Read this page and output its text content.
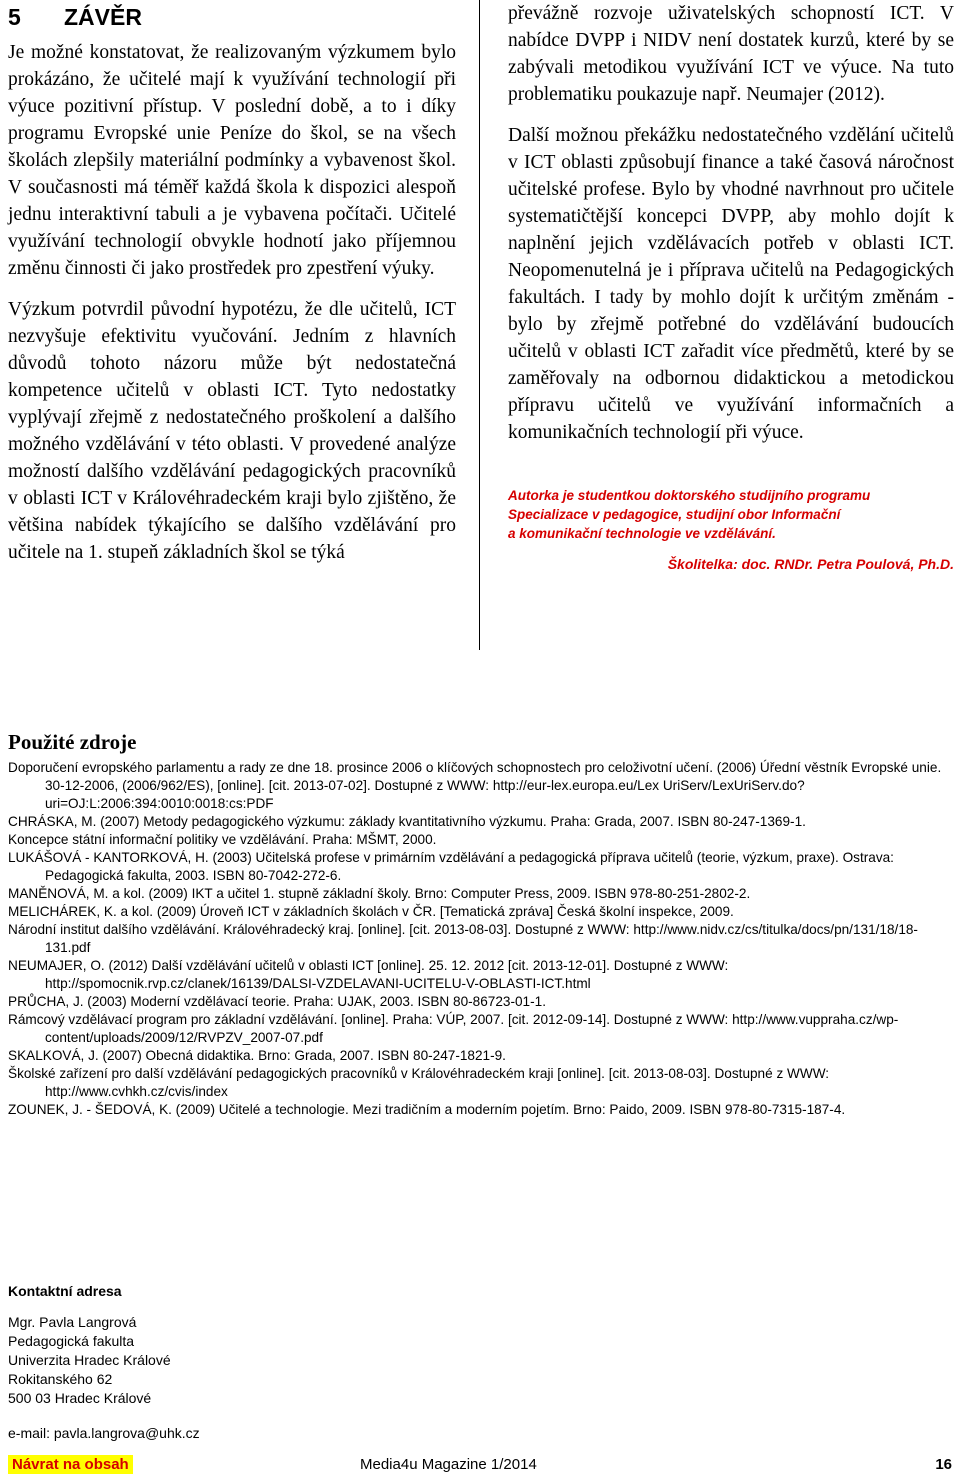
5	ZÁVĚR

Je možné konstatovat, že realizovaným výzkumem bylo prokázáno, že učitelé mají k využívání technologií při výuce pozitivní přístup. V poslední době, a to i díky programu Evropské unie Peníze do škol, se na všech školách zlepšily materiální podmínky a vybavenost škol. V současnosti má téměř každá škola k dispozici alespoň jednu interaktivní tabuli a je vybavena počítači. Učitelé využívání technologií obvykle hodnotí jako příjemnou změnu činnosti či jako prostředek pro zpestření výuky.

Výzkum potvrdil původní hypotézu, že dle učitelů, ICT nezvyšuje efektivitu vyučování. Jedním z hlavních důvodů tohoto názoru může být nedostatečná kompetence učitelů v oblasti ICT. Tyto nedostatky vyplývají zřejmě z nedostatečného proškolení a dalšího možného vzdělávání v této oblasti. V provedené analýze možností dalšího vzdělávání pedagogických pracovníků v oblasti ICT v Královéhradeckém kraji bylo zjištěno, že většina nabídek týkajícího se dalšího vzdělávání pro učitele na 1. stupeň základních škol se týká

převážně rozvoje uživatelských schopností ICT. V nabídce DVPP i NIDV není dostatek kurzů, které by se zabývali metodikou využívání ICT ve výuce. Na tuto problematiku poukazuje např. Neumajer (2012).

Další možnou překážku nedostatečného vzdělání učitelů v ICT oblasti způsobují finance a také časová náročnost učitelské profese. Bylo by vhodné navrhnout pro učitele systematičtější koncepci DVPP, aby mohlo dojít k naplnění jejich vzdělávacích potřeb v oblasti ICT. Neopomenutelná je i příprava učitelů na Pedagogických fakultách. I tady by mohlo dojít k určitým změnám - bylo by zřejmě potřebné do vzdělávání budoucích učitelů v oblasti ICT zařadit více předmětů, které by se zaměřovaly na odbornou didaktickou a metodickou přípravu učitelů ve využívání informačních a komunikačních technologií při výuce.

Autorka je studentkou doktorského studijního programu
Specializace v pedagogice, studijní obor Informační
a komunikační technologie ve vzdělávání.
Školitelka: doc. RNDr. Petra Poulová, Ph.D.
Použité zdroje

Doporučení evropského parlamentu a rady ze dne 18. prosince 2006 o klíčových schopnostech pro celoživotní učení. (2006) Úřední věstník Evropské unie. 30-12-2006, (2006/962/ES), [online]. [cit. 2013-07-02]. Dostupné z WWW: http://eur-lex.europa.eu/Lex UriServ/LexUriServ.do?uri=OJ:L:2006:394:0010:0018:cs:PDF

CHRÁSKA, M. (2007) Metody pedagogického výzkumu: základy kvantitativního výzkumu. Praha: Grada, 2007. ISBN 80-247-1369-1.

Koncepce státní informační politiky ve vzdělávání. Praha: MŠMT, 2000.

LUKÁŠOVÁ - KANTORKOVÁ, H. (2003) Učitelská profese v primárním vzdělávání a pedagogická příprava učitelů (teorie, výzkum, praxe). Ostrava: Pedagogická fakulta, 2003. ISBN 80-7042-272-6.

MANĚNOVÁ, M. a kol. (2009) IKT a učitel 1. stupně základní školy. Brno: Computer Press, 2009. ISBN 978-80-251-2802-2.

MELICHÁREK, K. a kol. (2009) Úroveň ICT v základních školách v ČR. [Tematická zpráva] Česká školní inspekce, 2009.

Národní institut dalšího vzdělávání. Královéhradecký kraj. [online]. [cit. 2013-08-03]. Dostupné z WWW: http://www.nidv.cz/cs/titulka/docs/pn/131/18/18-131.pdf

NEUMAJER, O. (2012) Další vzdělávání učitelů v oblasti ICT [online]. 25. 12. 2012 [cit. 2013-12-01]. Dostupné z WWW: http://spomocnik.rvp.cz/clanek/16139/DALSI-VZDELAVANI-UCITELU-V-OBLASTI-ICT.html

PRŮCHA, J. (2003) Moderní vzdělávací teorie. Praha: UJAK, 2003. ISBN 80-86723-01-1.

Rámcový vzdělávací program pro základní vzdělávání. [online]. Praha: VÚP, 2007. [cit. 2012-09-14]. Dostupné z WWW: http://www.vuppraha.cz/wp-content/uploads/2009/12/RVPZV_2007-07.pdf

SKALKOVÁ, J. (2007) Obecná didaktika. Brno: Grada, 2007. ISBN 80-247-1821-9.

Školské zařízení pro další vzdělávání pedagogických pracovníků v Královéhradeckém kraji [online]. [cit. 2013-08-03]. Dostupné z WWW: http://www.cvhkh.cz/cvis/index

ZOUNEK, J. - ŠEDOVÁ, K. (2009) Učitelé a technologie. Mezi tradičním a moderním pojetím. Brno: Paido, 2009. ISBN 978-80-7315-187-4.

Kontaktní adresa
Mgr. Pavla Langrová
Pedagogická fakulta
Univerzita Hradec Králové
Rokitanského 62
500 03 Hradec Králové
e-mail: pavla.langrova@uhk.cz
Návrat na obsah	Media4u Magazine 1/2014	16
